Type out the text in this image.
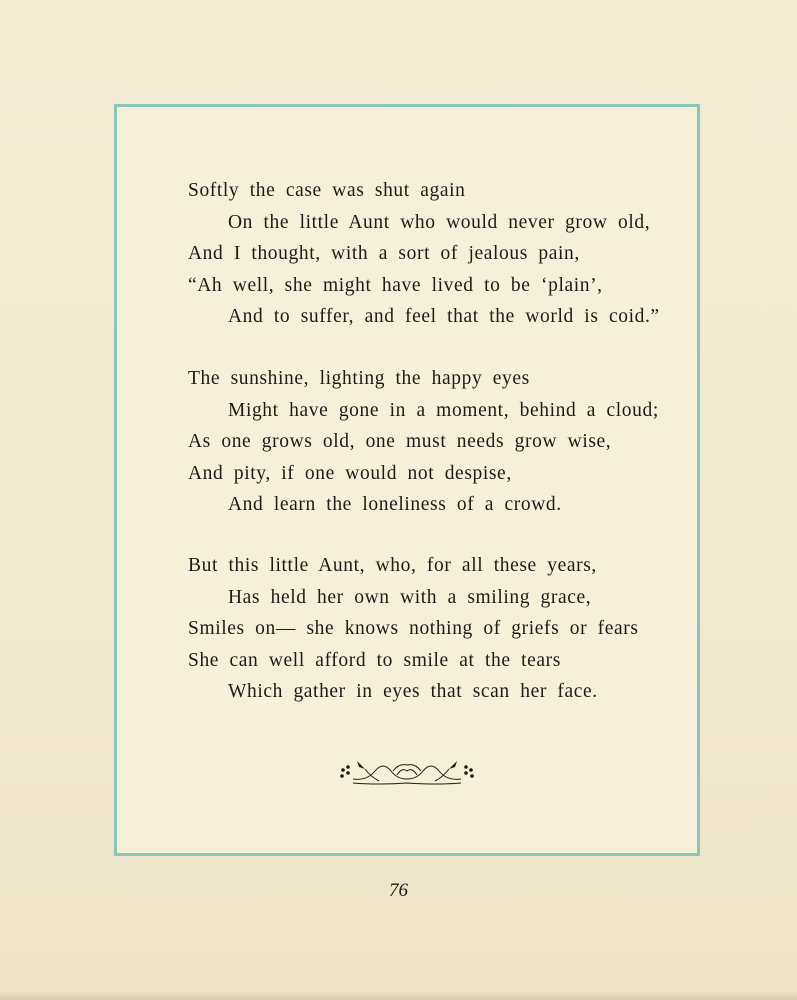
Softly the case was shut again
On the little Aunt who would never grow old,
And I thought, with a sort of jealous pain,
“Ah well, she might have lived to be ‘plain’,
And to suffer, and feel that the world is coid.”
The sunshine, lighting the happy eyes
Might have gone in a moment, behind a cloud;
As one grows old, one must needs grow wise,
And pity, if one would not despise,
And learn the loneliness of a crowd.
But this little Aunt, who, for all these years,
Has held her own with a smiling grace,
Smiles on— she knows nothing of griefs or fears
She can well afford to smile at the tears
Which gather in eyes that scan her face.
76
